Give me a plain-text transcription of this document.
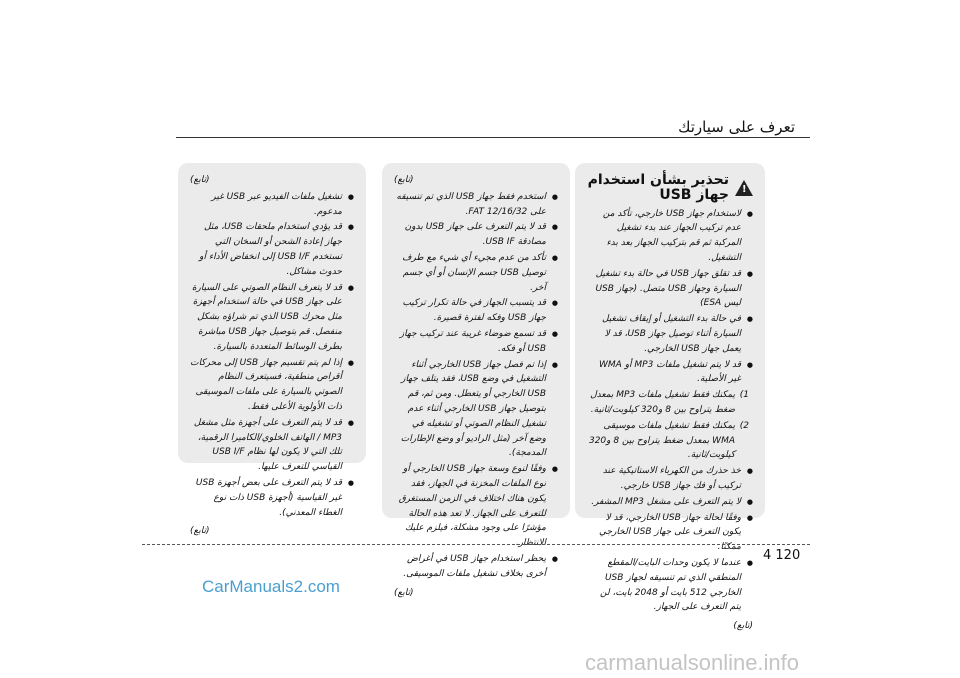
تعرف على سيارتك
!
تحذير بشأن استخدام جهاز USB
● لاستخدام جهاز USB خارجي، تأكد من عدم تركيب الجهاز عند بدء تشغيل المركبة ثم قم بتركيب الجهاز بعد بدء التشغيل.
● قد تقلق جهاز USB في حالة بدء تشغيل السيارة وجهاز USB متصل. (جهاز USB ليس ESA)
● في حالة بدء التشغيل أو إيقاف تشغيل السيارة أثناء توصيل جهاز USB، قد لا يعمل جهاز USB الخارجي.
● قد لا يتم تشغيل ملفات MP3 أو WMA غير الأصلية.
1)
يمكنك فقط تشغيل ملفات MP3 بمعدل ضغط يتراوح بين 8 و320 كيلوبت/ثانية.
2)
يمكنك فقط تشغيل ملفات موسيقى WMA بمعدل ضغط يتراوح بين 8 و320 كيلوبت/ثانية.
● خذ حذرك من الكهرباء الاستاتيكية عند تركيب أو فك جهاز USB خارجي.
● لا يتم التعرف على مشغل MP3 المشفر.
● وفقًا لحالة جهاز USB الخارجي، قد لا يكون التعرف على جهاز USB الخارجي ممكنًا.
● عندما لا يكون وحدات البايت/المقطع المنطقي الذي تم تنسيقه لجهاز USB الخارجي 512 بايت أو 2048 بايت، لن يتم التعرف على الجهاز.
(تابع)
(تابع)
● استخدم فقط جهاز USB الذي تم تنسيقه على FAT 12/16/32.
● قد لا يتم التعرف على جهاز USB بدون مصادقة USB IF.
● تأكد من عدم مجيء أي شيء مع طرف توصيل USB جسم الإنسان أو أي جسم آخر.
● قد يتسبب الجهاز في حالة تكرار تركيب جهاز USB وفكه لفترة قصيرة.
● قد تسمع ضوضاء غريبة عند تركيب جهاز USB أو فكه.
● إذا تم فصل جهاز USB الخارجي أثناء التشغيل في وضع USB، فقد يتلف جهاز USB الخارجي أو يتعطل. ومن ثم، قم بتوصيل جهاز USB الخارجي أثناء عدم تشغيل النظام الصوتي أو تشغيله في وضع آخر (مثل الراديو أو وضع الإطارات المدمجة).
● وفقًا لنوع وسعة جهاز USB الخارجي أو نوع الملفات المخزنة في الجهاز، فقد يكون هناك اختلاف في الزمن المستغرق للتعرف على الجهاز. لا تعد هذه الحالة مؤشرًا على وجود مشكلة، فيلزم عليك الانتظار.
● يحظر استخدام جهاز USB في أغراض أخرى بخلاف تشغيل ملفات الموسيقى.
(تابع)
(تابع)
● تشغيل ملفات الفيديو عبر USB غير مدعوم.
● قد يؤدي استخدام ملحقات USB، مثل جهاز إعادة الشحن أو السخان التي تستخدم USB I/F إلى انخفاض الأداء أو حدوث مشاكل.
● قد لا يتعرف النظام الصوتي على السيارة على جهاز USB في حالة استخدام أجهزة مثل محرك USB الذي تم شراؤه بشكل منفصل. قم بتوصيل جهاز USB مباشرة بطرف الوسائط المتعددة بالسيارة.
● إذا لم يتم تقسيم جهاز USB إلى محركات أقراص منطقية، فسيتعرف النظام الصوتي بالسيارة على ملفات الموسيقى ذات الأولوية الأعلى فقط.
● قد لا يتم التعرف على أجهزة مثل مشغل MP3 / الهاتف الخلوي/الكاميرا الرقمية، تلك التي لا يكون لها نظام USB I/F القياسي للتعرف عليها.
● قد لا يتم التعرف على بعض أجهزة USB غير القياسية (أجهزة USB ذات نوع الغطاء المعدني).
(تابع)
4 120
CarManuals2.com
carmanualsonline.info
